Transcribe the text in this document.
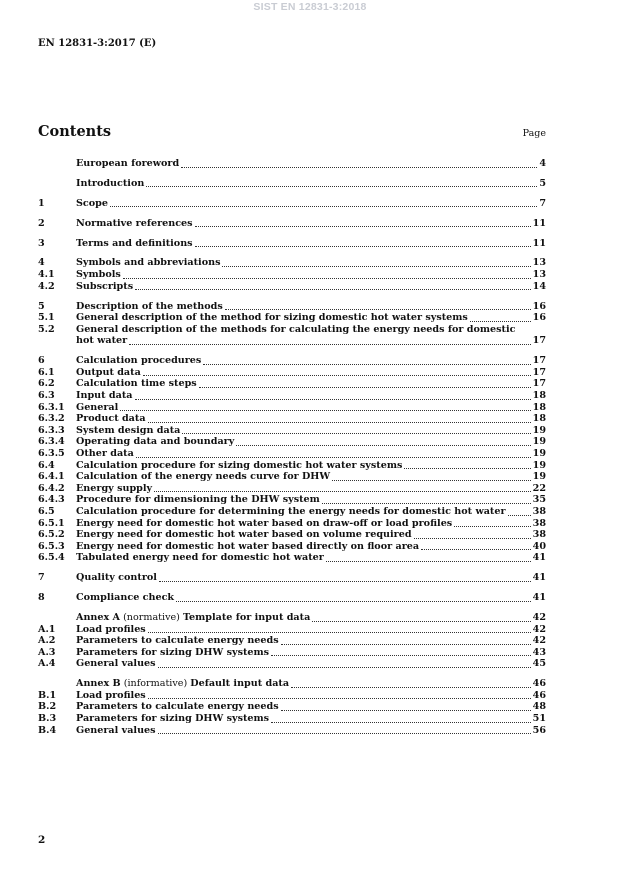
SIST EN 12831-3:2018
EN 12831-3:2017 (E)
Contents	Page
European foreword	4
Introduction	5
1	Scope	7
2	Normative references	11
3	Terms and definitions	11
4	Symbols and abbreviations	13
4.1	Symbols	13
4.2	Subscripts	14
5	Description of the methods	16
5.1	General description of the method for sizing domestic hot water systems	16
5.2	General description of the methods for calculating the energy needs for domestic
hot water	17
6	Calculation procedures	17
6.1	Output data	17
6.2	Calculation time steps	17
6.3	Input data	18
6.3.1	General	18
6.3.2	Product data	18
6.3.3	System design data	19
6.3.4	Operating data and boundary	19
6.3.5	Other data	19
6.4	Calculation procedure for sizing domestic hot water systems	19
6.4.1	Calculation of the energy needs curve for DHW	19
6.4.2	Energy supply	22
6.4.3	Procedure for dimensioning the DHW system	35
6.5	Calculation procedure for determining the energy needs for domestic hot water	38
6.5.1	Energy need for domestic hot water based on draw-off or load profiles	38
6.5.2	Energy need for domestic hot water based on volume required	38
6.5.3	Energy need for domestic hot water based directly on floor area	40
6.5.4	Tabulated energy need for domestic hot water	41
7	Quality control	41
8	Compliance check	41
Annex A (normative) Template for input data	42
A.1	Load profiles	42
A.2	Parameters to calculate energy needs	42
A.3	Parameters for sizing DHW systems	43
A.4	General values	45
Annex B (informative) Default input data	46
B.1	Load profiles	46
B.2	Parameters to calculate energy needs	48
B.3	Parameters for sizing DHW systems	51
B.4	General values	56
2
